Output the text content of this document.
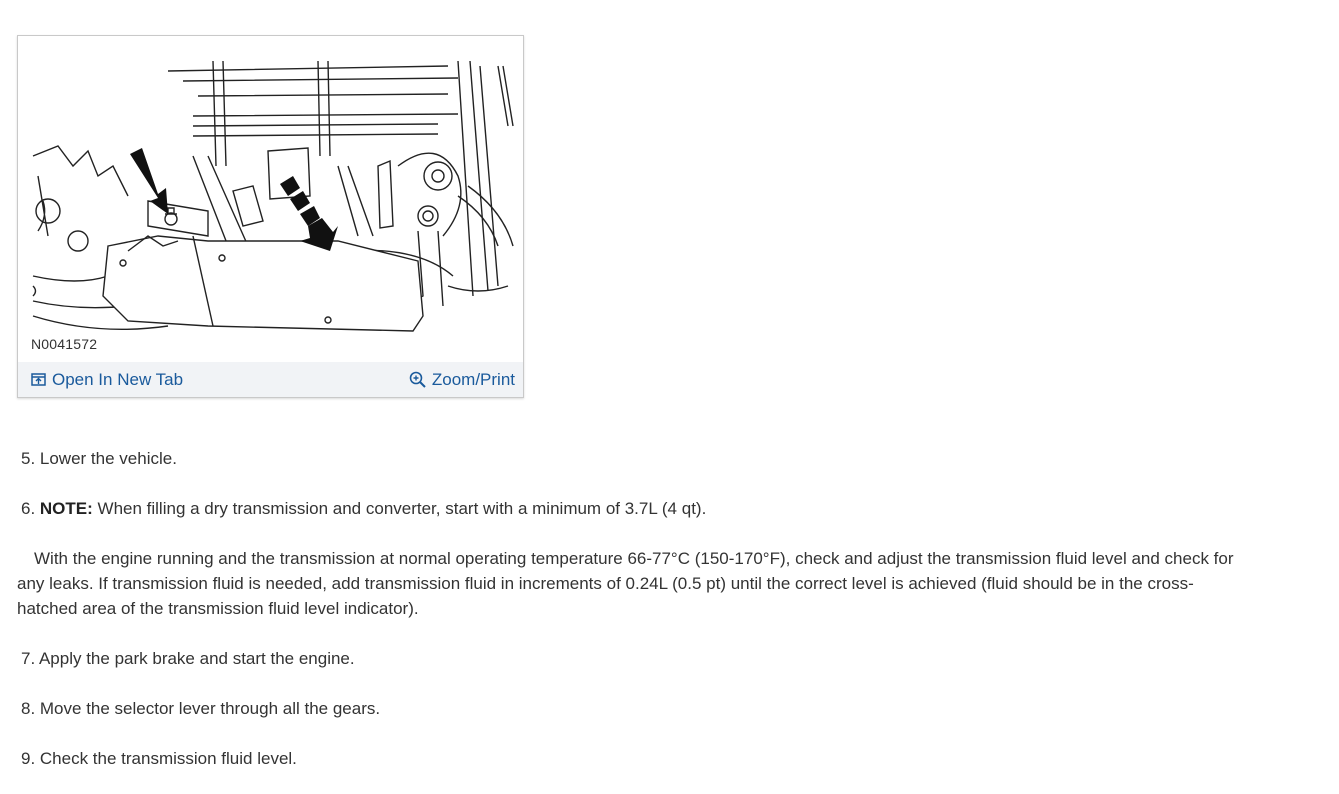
N0041572
Open In New Tab	Zoom/Print

5. Lower the vehicle.

6. NOTE: When filling a dry transmission and converter, start with a minimum of 3.7L (4 qt).

With the engine running and the transmission at normal operating temperature 66-77°C (150-170°F), check and adjust the transmission fluid level and check for any leaks. If transmission fluid is needed, add transmission fluid in increments of 0.24L (0.5 pt) until the correct level is achieved (fluid should be in the cross-hatched area of the transmission fluid level indicator).

7. Apply the park brake and start the engine.

8. Move the selector lever through all the gears.

9. Check the transmission fluid level.
